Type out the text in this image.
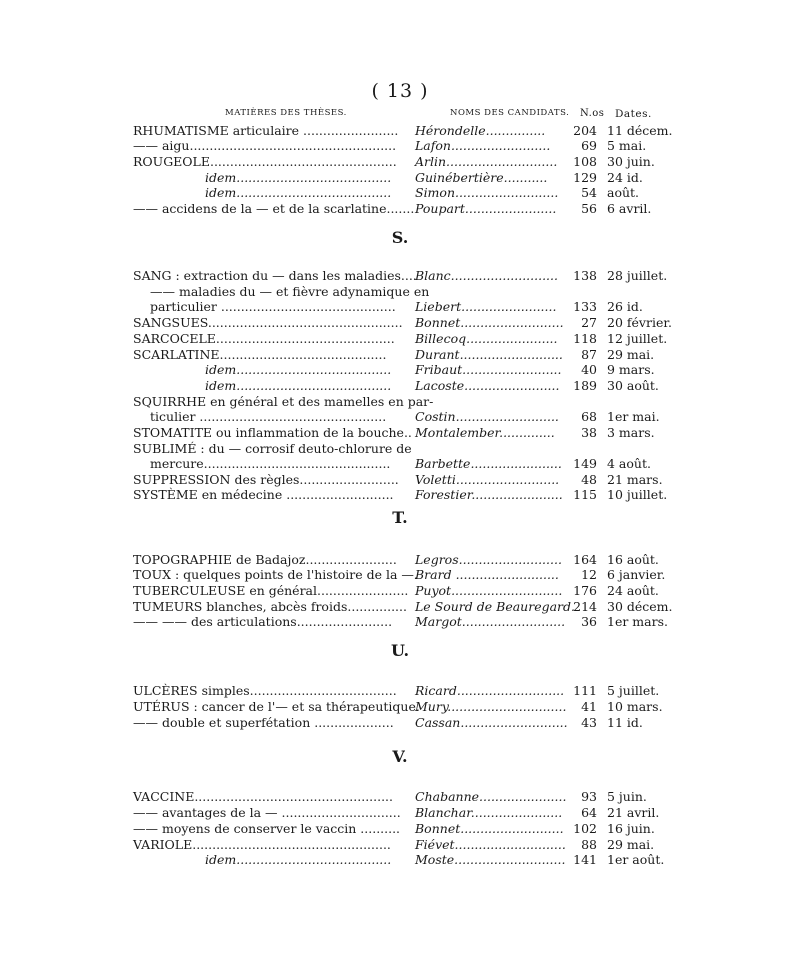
( 13 )
MATIÈRES DES THÈSES.	NOMS DES CANDIDATS. N.os Dates.
S.
T.
U.
V.
RHUMATISME articulaire ........................ Hérondelle............... 204 11 décem.
—— aigu.................................................... Lafon......................... 69 5 mai.
ROUGEOLE............................................... Arlin............................ 108 30 juin.
idem....................................... Guinébertière........... 129 24 id.
idem....................................... Simon.......................... 54 août.
—— accidens de la — et de la scarlatine....... Poupart....................... 56 6 avril.
SANG : extraction du — dans les maladies....
Blanc........................... 138 28 juillet.
—— maladies du — et fièvre adynamique en
particulier ............................................ Liebert........................ 133 26 id.
SANGSUES................................................. Bonnet.......................... 27 20 février.
SARCOCELE............................................. Billecoq....................... 118 12 juillet.
SCARLATINE.......................................... Durant.......................... 87 29 mai.
idem....................................... Fribaut......................... 40 9 mars.
idem....................................... Lacoste........................ 189 30 août.
SQUIRRHE en général et des mamelles en par-
ticulier ............................................... Costin.......................... 68 1er mai.
STOMATITE ou inflammation de la bouche.. Montalember.............. 38 3 mars.
SUBLIMÉ : du — corrosif deuto-chlorure de
mercure............................................... Barbette....................... 149 4 août.
SUPPRESSION des règles......................... Voletti.......................... 48 21 mars.
SYSTÈME en médecine ........................... Forestier....................... 115 10 juillet.
TOPOGRAPHIE de Badajoz....................... Legros.......................... 164 16 août.
TOUX : quelques points de l'histoire de la —.
Brard .......................... 12 6 janvier.
TUBERCULEUSE en général....................... Puyot............................ 176 24 août.
TUMEURS blanches, abcès froids............... Le Sourd de Beauregard.
214 30 décem.
—— —— des articulations........................ Margot.......................... 36 1er mars.
ULCÈRES simples..................................... Ricard........................... 111 5 juillet.
UTÉRUS : cancer de l'— et sa thérapeutique.
Mury.............................. 41 10 mars.
—— double et superfétation .................... Cassan........................... 43 11 id.
VACCINE.................................................. Chabanne...................... 93 5 juin.
—— avantages de la — .............................. Blanchar....................... 64 21 avril.
—— moyens de conserver le vaccin .......... Bonnet.......................... 102 16 juin.
VARIOLE.................................................. Fiévet............................ 88 29 mai.
idem....................................... Moste............................ 141 1er août.
